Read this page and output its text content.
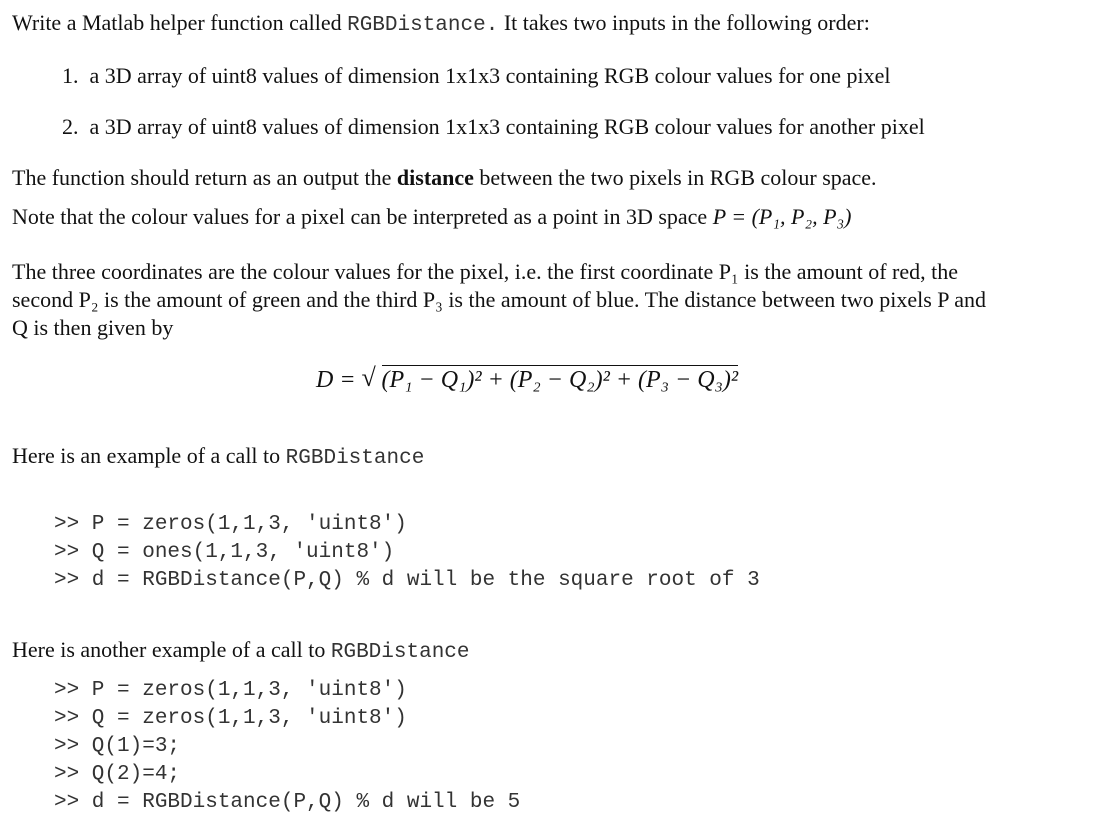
Write a Matlab helper function called RGBDistance. It takes two inputs in the following order:
1. a 3D array of uint8 values of dimension 1x1x3 containing RGB colour values for one pixel
2. a 3D array of uint8 values of dimension 1x1x3 containing RGB colour values for another pixel
The function should return as an output the distance between the two pixels in RGB colour space.
Note that the colour values for a pixel can be interpreted as a point in 3D space P = (P₁, P₂, P₃)
The three coordinates are the colour values for the pixel, i.e. the first coordinate P₁ is the amount of red, the
second P₂ is the amount of green and the third P₃ is the amount of blue. The distance between two pixels P and
Q is then given by
D = √ (P₁ − Q₁)² + (P₂ − Q₂)² + (P₃ − Q₃)²
Here is an example of a call to RGBDistance
>> P = zeros(1,1,3, 'uint8')
>> Q = ones(1,1,3, 'uint8')
>> d = RGBDistance(P,Q) % d will be the square root of 3
Here is another example of a call to RGBDistance
>> P = zeros(1,1,3, 'uint8')
>> Q = zeros(1,1,3, 'uint8')
>> Q(1)=3;
>> Q(2)=4;
>> d = RGBDistance(P,Q) % d will be 5
